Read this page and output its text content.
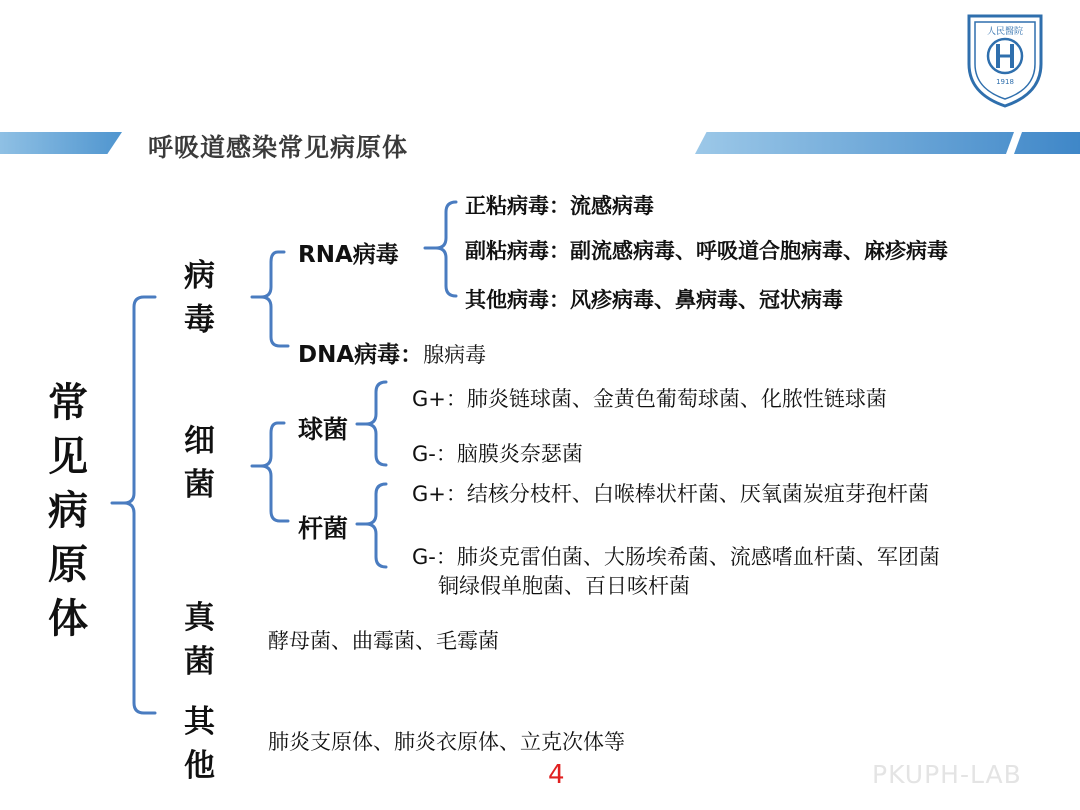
呼吸道感染常见病原体
人民醫院
1918
常
见
病
原
体
病
毒
细
菌
真
菌
其
他
RNA病毒
正粘病毒：流感病毒
副粘病毒：副流感病毒、呼吸道合胞病毒、麻疹病毒
其他病毒：风疹病毒、鼻病毒、冠状病毒
DNA病毒：腺病毒
球菌
G+：肺炎链球菌、金黄色葡萄球菌、化脓性链球菌
G-：脑膜炎奈瑟菌
杆菌
G+：结核分枝杆、白喉棒状杆菌、厌氧菌炭疽芽孢杆菌
G-：肺炎克雷伯菌、大肠埃希菌、流感嗜血杆菌、军团菌
铜绿假单胞菌、百日咳杆菌
酵母菌、曲霉菌、毛霉菌
肺炎支原体、肺炎衣原体、立克次体等
4	PKUPH-LAB
